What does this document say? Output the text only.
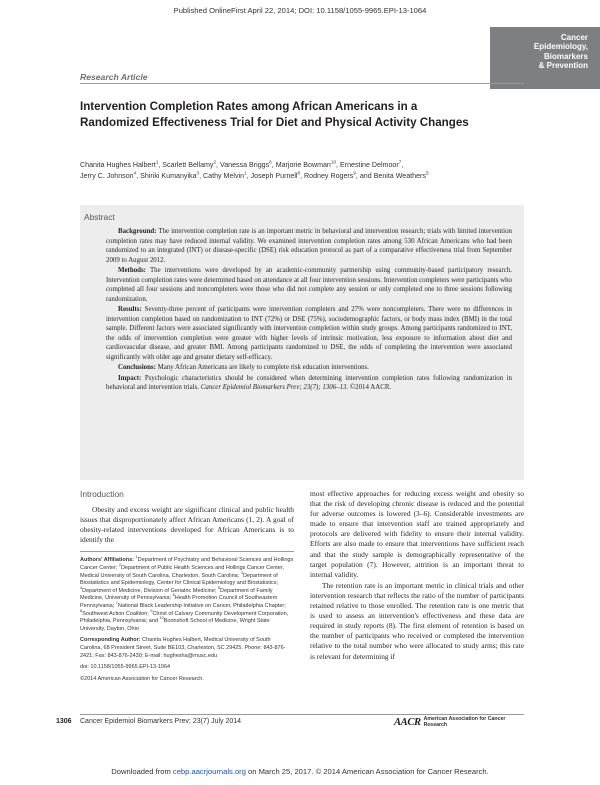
Published OnlineFirst April 22, 2014; DOI: 10.1158/1055-9965.EPI-13-1064
Cancer
Epidemiology,
Biomarkers
& Prevention
Research Article
Intervention Completion Rates among African Americans in a Randomized Effectiveness Trial for Diet and Physical Activity Changes
Chanita Hughes Halbert$^1$, Scarlett Bellamy$^2$, Vanessa Briggs$^6$, Marjorie Bowman$^{10}$, Ernestine Delmoor$^7$,
Jerry C. Johnson$^4$, Shiriki Kumanyika$^3$, Cathy Melvin$^1$, Joseph Purnell$^8$, Rodney Rogers$^9$, and Benita Weathers$^5$
Abstract

Background: The intervention completion rate is an important metric in behavioral and intervention research; trials with limited intervention completion rates may have reduced internal validity. We examined intervention completion rates among 530 African Americans who had been randomized to an integrated (INT) or disease-specific (DSE) risk education protocol as part of a comparative effectiveness trial from September 2009 to August 2012.

Methods: The interventions were developed by an academic-community partnership using community-based participatory research. Intervention completion rates were determined based on attendance at all four intervention sessions. Intervention completers were participants who completed all four sessions and noncompleters were those who did not complete any session or only completed one to three sessions following randomization.

Results: Seventy-three percent of participants were intervention completers and 27% were noncompleters. There were no differences in intervention completion based on randomization to INT (72%) or DSE (75%), sociodemographic factors, or body mass index (BMI) in the total sample. Different factors were associated significantly with intervention completion within study groups. Among participants randomized to INT, the odds of intervention completion were greater with higher levels of intrinsic motivation, less exposure to information about diet and cardiovascular disease, and greater BMI. Among participants randomized to DSE, the odds of completing the intervention were associated significantly with older age and greater dietary self-efficacy.

Conclusions: Many African Americans are likely to complete risk education interventions.

Impact: Psychologic characteristics should be considered when determining intervention completion rates following randomization in behavioral and intervention trials. Cancer Epidemiol Biomarkers Prev; 23(7); 1306–13. ©2014 AACR.

Introduction

Obesity and excess weight are significant clinical and public health issues that disproportionately affect African Americans (1, 2). A goal of obesity-related interventions developed for African Americans is to identify the

Authors' Affiliations: $^1$Department of Psychiatry and Behavioral Sciences and Hollings Cancer Center; $^2$Department of Public Health Sciences and Hollings Cancer Center, Medical University of South Carolina, Charleston, South Carolina; $^3$Department of Biostatistics and Epidemiology, Center for Clinical Epidemiology and Biostatistics; $^4$Department of Medicine, Division of Geriatric Medicine; $^5$Department of Family Medicine, University of Pennsylvania; $^6$Health Promotion Council of Southeastern Pennsylvania; $^7$National Black Leadership Initiative on Cancer, Philadelphia Chapter; $^8$Southwest Action Coalition; $^9$Christ of Calvary Community Development Corporation, Philadelphia, Pennsylvania; and $^{10}$Boonshoft School of Medicine, Wright State University, Dayton, Ohio
Corresponding Author: Chanita Hughes Halbert, Medical University of South Carolina, 68 President Street, Suite BE103, Charleston, SC 29425. Phone: 843-876-2421; Fax: 843-876-2430; E-mail: hughesha@musc.edu
doi: 10.1158/1055-9965.EPI-13-1064
©2014 American Association for Cancer Research.

most effective approaches for reducing excess weight and obesity so that the risk of developing chronic disease is reduced and the potential for adverse outcomes is lowered (3–6). Considerable investments are made to ensure that intervention staff are trained appropriately and protocols are delivered with fidelity to ensure their internal validity. Efforts are also made to ensure that interventions have sufficient reach and that the study sample is demographically representative of the target population (7). However, attrition is an important threat to internal validity.

The retention rate is an important metric in clinical trials and other intervention research that reflects the ratio of the number of participants retained relative to those enrolled. The retention rate is one metric that is used to assess an intervention's effectiveness and these data are required in study reports (8). The first element of retention is based on the number of participants who received or completed the intervention relative to the total number who were allocated to study arms; this rate is relevant for determining if

1306 Cancer Epidemiol Biomarkers Prev; 23(7) July 2014	AACR American Association for Cancer Research
Downloaded from cebp.aacrjournals.org on March 25, 2017. © 2014 American Association for Cancer Research.
